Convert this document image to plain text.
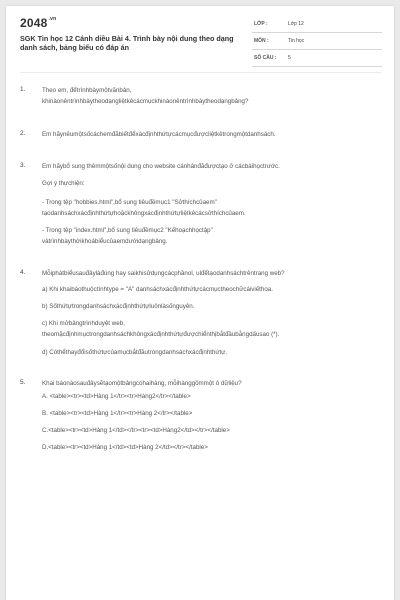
$2048^{.vn}$
SGK Tin học 12 Cánh diều Bài 4. Trình bày nội dung theo dạng danh sách, bảng biểu có đáp án
LỚP :	Lớp 12
MÔN :	Tin học
SỐ CÂU : 5
1.	Theo em, đểtrìnhbàymộtvănbản,
khinàonêntrìnhbàytheodạngliệtkêcácmụckhinàonêntrìnhbàytheodạngbảng?
2.	Em hãynêumộtsốcáchemđãbiếtđểxácđịnhthứtựcácmụcđượcliệtkêtrongmộtdanhsách.
3.	Em hãybổ sung thêmmộtsốnội dung cho website cánhânđãđượctạo ở cácbàihọctrước.
Gợi ý thựchiện:
- Trong tệp "hobbies.html",bổ sung tiêuđềmục1 "Sởthíchcủaem"
tạodanhsáchxácđịnhthứtựhoặckhôngxácđịnhthứtựliệtkêcácsởthíchcủaem.
- Trong tệp "index.html",bổ sung tiêuđềmục2 "Kếhoạchhọctập"
vàtrìnhbàythờikhoábiểucủaemdướidạngbảng.
4.	Mỗiphátbiểusauđâylàđúng hay saikhisửdụngcácphầnol, ulđểtạodanhsáchtrêntrang web?
a) Khi khaibáothuộctínhtype = "A" danhsáchxácđịnhthứtựcácmụctheochữcáiviếthoa.
b) Sốthứtựtrongdanhsáchxácđịnhthứtựluônlàsốnguyên.
c) Khi mởbảngtrìnhduyệt web,
theomặcđịnhmụctrongdanhsáchkhôngxácđịnhthứtựđượchiểnthịbắtđầubằngdấusao (*).
d) Cóthểthayđổisốthứtựcủamụcbắtđầutrongdanhsáchxácđịnhthứtự.
5.	Khai báonàosauđâysẽtạomộtbảngcóhaihàng, mỗihànggồmmột ô dữliệu?
A. <table><tr><td>Hàng 1</tr><tr>Hàng2</tr></table>
B. <table><tr><td>Hàng 1</tr><tr>Hàng 2</tr></table>
C.<table><tr><td>Hàng 1</td></tr><tr><td>Hàng2</td></tr></table>
D.<table><tr><td>Hàng 1</td><td>Hàng 2</td></tr></table>
